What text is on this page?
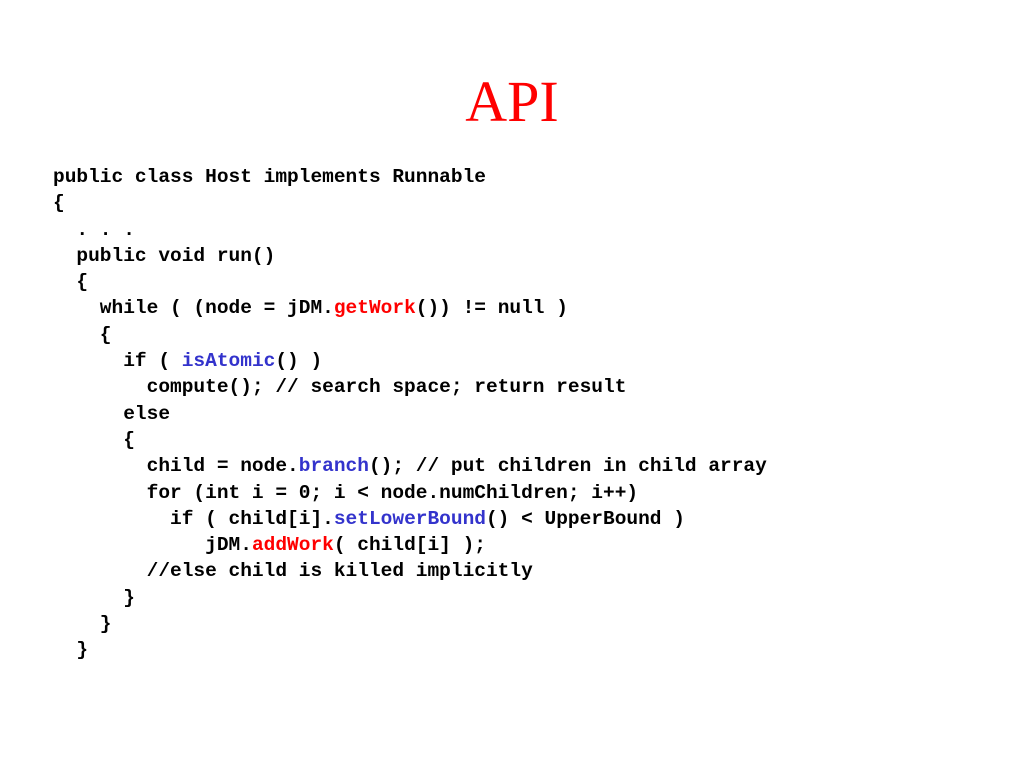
API
public class Host implements Runnable
{
. . .
public void run()
{
while ( (node = jDM.getWork()) != null )
{
if ( isAtomic() )
compute(); // search space; return result
else
{
child = node.branch(); // put children in child array
for (int i = 0; i < node.numChildren; i++)
if ( child[i].setLowerBound() < UpperBound )
jDM.addWork( child[i] );
//else child is killed implicitly
}
}
}
